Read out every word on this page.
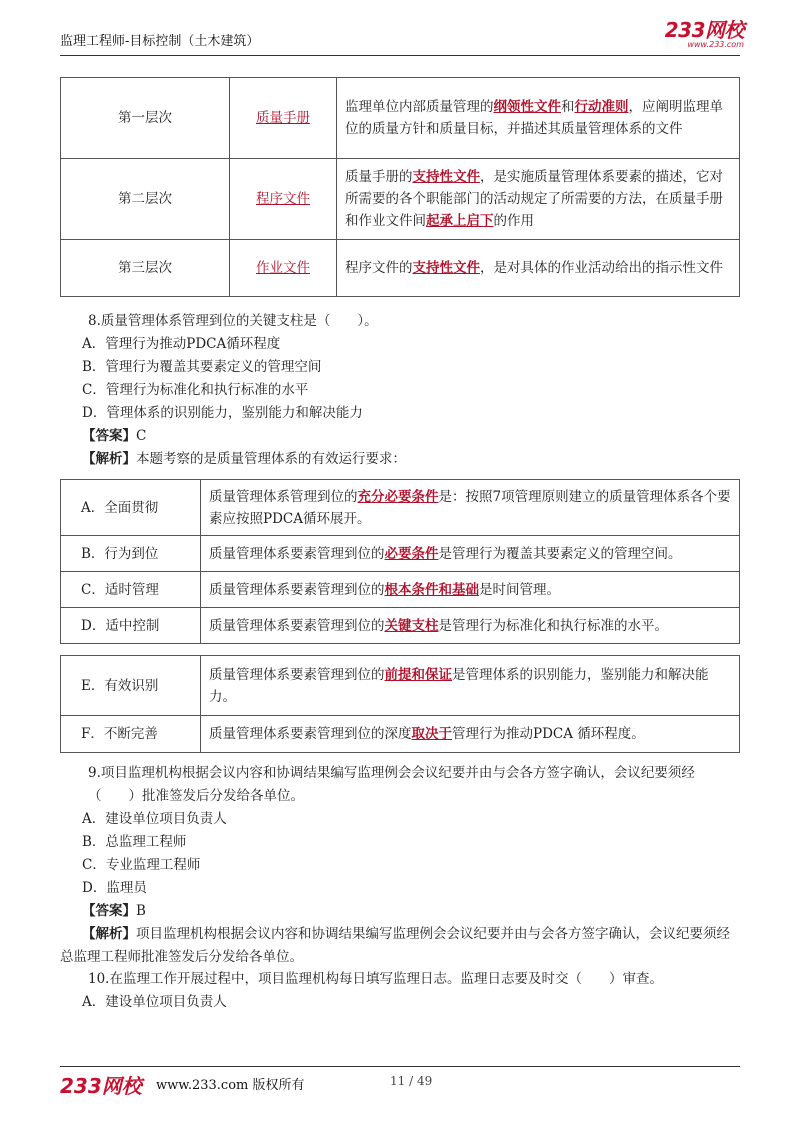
监理工程师-目标控制（土木建筑）	233网校
www.233.com
第一层次	质量手册	监理单位内部质量管理的纲领性文件和行动准则，应阐明监理单位的质量方针和质量目标，并描述其质量管理体系的文件
第二层次	程序文件	质量手册的支持性文件，是实施质量管理体系要素的描述，它对所需要的各个职能部门的活动规定了所需要的方法，在质量手册和作业文件间起承上启下的作用
第三层次	作业文件	程序文件的支持性文件，是对具体的作业活动给出的指示性文件

8.质量管理体系管理到位的关键支柱是（　　）。

A．管理行为推动PDCA循环程度

B．管理行为覆盖其要素定义的管理空间

C．管理行为标准化和执行标准的水平

D．管理体系的识别能力，鉴别能力和解决能力

【答案】C

【解析】本题考察的是质量管理体系的有效运行要求：

A．全面贯彻	质量管理体系管理到位的充分必要条件是：按照7项管理原则建立的质量管理体系各个要素应按照PDCA循环展开。
B．行为到位	质量管理体系要素管理到位的必要条件是管理行为覆盖其要素定义的管理空间。
C．适时管理	质量管理体系要素管理到位的根本条件和基础是时间管理。
D．适中控制	质量管理体系要素管理到位的关键支柱是管理行为标准化和执行标准的水平。
E．有效识别	质量管理体系要素管理到位的前提和保证是管理体系的识别能力，鉴别能力和解决能力。
F．不断完善	质量管理体系要素管理到位的深度取决于管理行为推动PDCA 循环程度。

9.项目监理机构根据会议内容和协调结果编写监理例会会议纪要并由与会各方签字确认，会议纪要须经（　　）批准签发后分发给各单位。

A．建设单位项目负责人

B．总监理工程师

C．专业监理工程师

D．监理员

【答案】B

【解析】项目监理机构根据会议内容和协调结果编写监理例会会议纪要并由与会各方签字确认，会议纪要须经总监理工程师批准签发后分发给各单位。

10.在监理工作开展过程中，项目监理机构每日填写监理日志。监理日志要及时交（　　）审查。

A．建设单位项目负责人

233网校 www.233.com 版权所有	11 / 49
